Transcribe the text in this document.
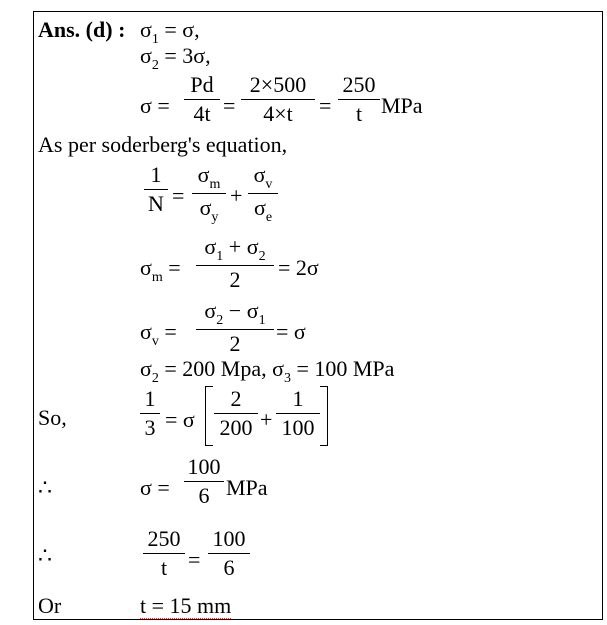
Ans. (d) : $\sigma_1 = \sigma$,
$\sigma_2 = 3\sigma$,
σ =
Pd
4t =
2×500
4×t	=
250
t MPa
As per soderberg's equation,
1
N =
$\sigma_m$
$\sigma_y$
+
$\sigma_v$
$\sigma_e$
$\sigma_m$ =
$\sigma_1 + \sigma_2$
2	= 2σ
$\sigma_v$ =
$\sigma_2 - \sigma_1$
2	= σ
$\sigma_2 = 200$ Mpa, $\sigma_3 = 100$ MPa
So,
1
3 = σ
2
200 +
1
100
∴	σ =
100
6 MPa
∴
250
t =
100
6
Or	t = 15 mm
